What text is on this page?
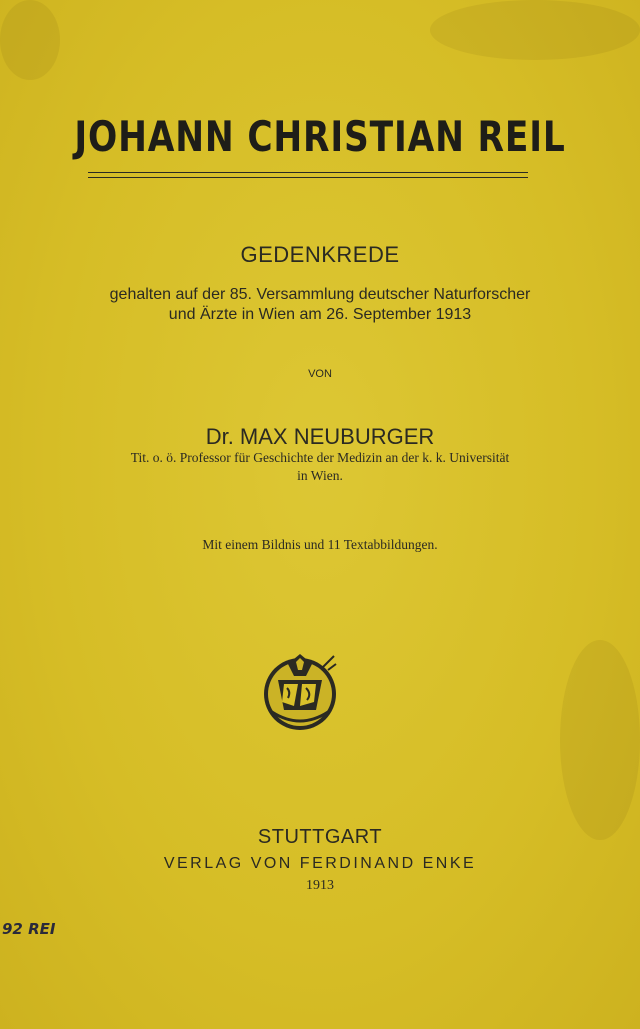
JOHANN CHRISTIAN REIL
GEDENKREDE
gehalten auf der 85. Versammlung deutscher Naturforscher
und Ärzte in Wien am 26. September 1913
VON
Dr. MAX NEUBURGER
Tit. o. ö. Professor für Geschichte der Medizin an der k. k. Universität
in Wien.
Mit einem Bildnis und 11 Textabbildungen.
STUTTGART
VERLAG VON FERDINAND ENKE
1913
92 REI
